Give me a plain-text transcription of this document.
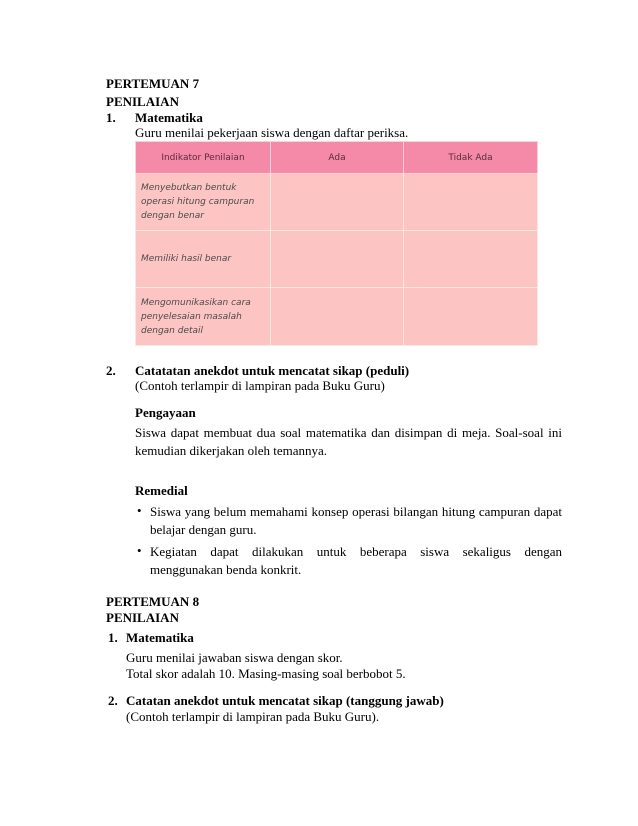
PERTEMUAN 7
PENILAIAN
1. Matematika
Guru menilai pekerjaan siswa dengan daftar periksa.
Indikator Penilaian	Ada	Tidak Ada

Menyebutkan bentuk
operasi hitung campuran
dengan benar		

Memiliki hasil benar		

Mengomunikasikan cara
penyelesaian masalah
dengan detail		

2. Catatatan anekdot untuk mencatat sikap (peduli)
(Contoh terlampir di lampiran pada Buku Guru)
Pengayaan

Siswa dapat membuat dua soal matematika dan disimpan di meja. Soal-soal ini kemudian dikerjakan oleh temannya.

Remedial
• Siswa yang belum memahami konsep operasi bilangan hitung campuran dapat belajar dengan guru.

• Kegiatan dapat dilakukan untuk beberapa siswa sekaligus dengan menggunakan benda konkrit.

PERTEMUAN 8
PENILAIAN
1. Matematika
Guru menilai jawaban siswa dengan skor.
Total skor adalah 10. Masing-masing soal berbobot 5.
2. Catatan anekdot untuk mencatat sikap (tanggung jawab)
(Contoh terlampir di lampiran pada Buku Guru).
